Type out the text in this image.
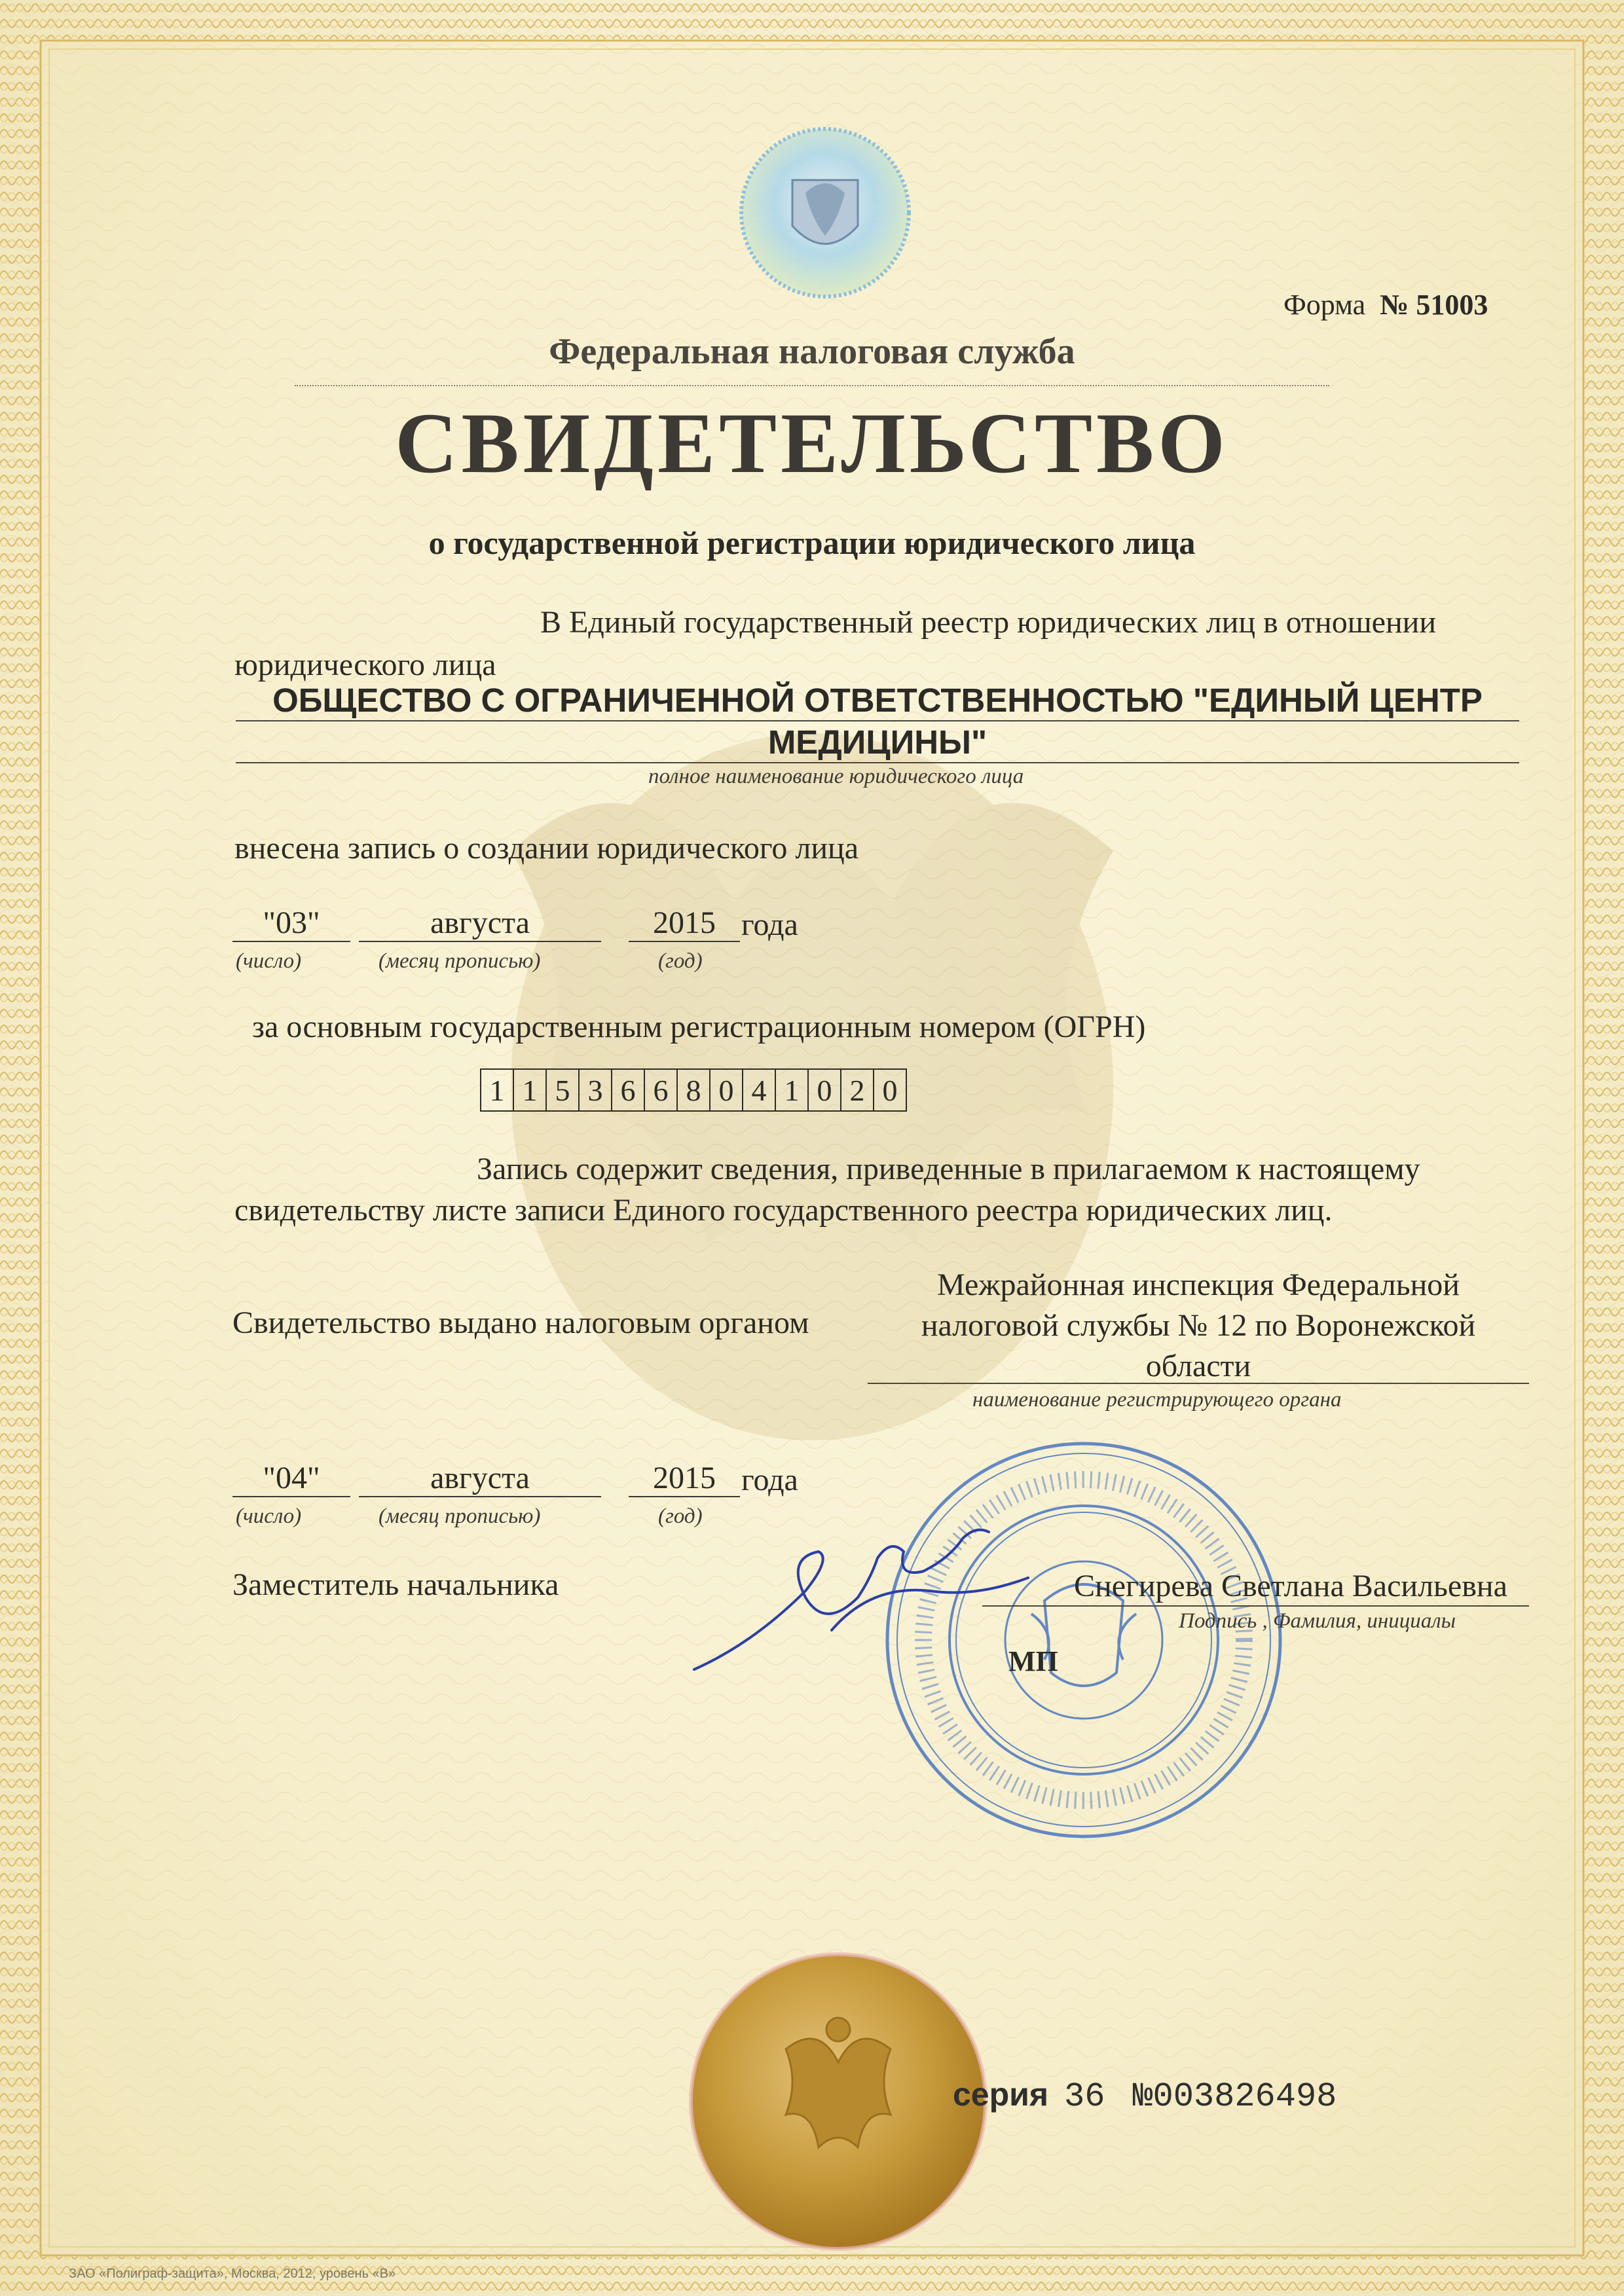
Форма № 51003
Федеральная налоговая служба
СВИДЕТЕЛЬСТВО
о государственной регистрации юридического лица
В Единый государственный реестр юридических лиц в отношении
юридического лица
ОБЩЕСТВО С ОГРАНИЧЕННОЙ ОТВЕТСТВЕННОСТЬЮ "ЕДИНЫЙ ЦЕНТР
МЕДИЦИНЫ"
полное наименование юридического лица
внесена запись о создании юридического лица
"03"	августа	2015 года
(число)	(месяц прописью)	(год)
за основным государственным регистрационным номером (ОГРН)
1 1 5 3 6 6 8 0 4 1 0 2 0
Запись содержит сведения, приведенные в прилагаемом к настоящему
свидетельству листе записи Единого государственного реестра юридических лиц.
Свидетельство выдано налоговым органом
Межрайонная инспекция Федеральной
налоговой службы № 12 по Воронежской
области
наименование регистрирующего органа
"04"	августа	2015 года
(число)	(месяц прописью)	(год)
Заместитель начальника	Снегирева Светлана Васильевна
Подпись , Фамилия, инициалы
МП
серия 36 №003826498
ЗАО «Полиграф-защита», Москва, 2012, уровень «В»
